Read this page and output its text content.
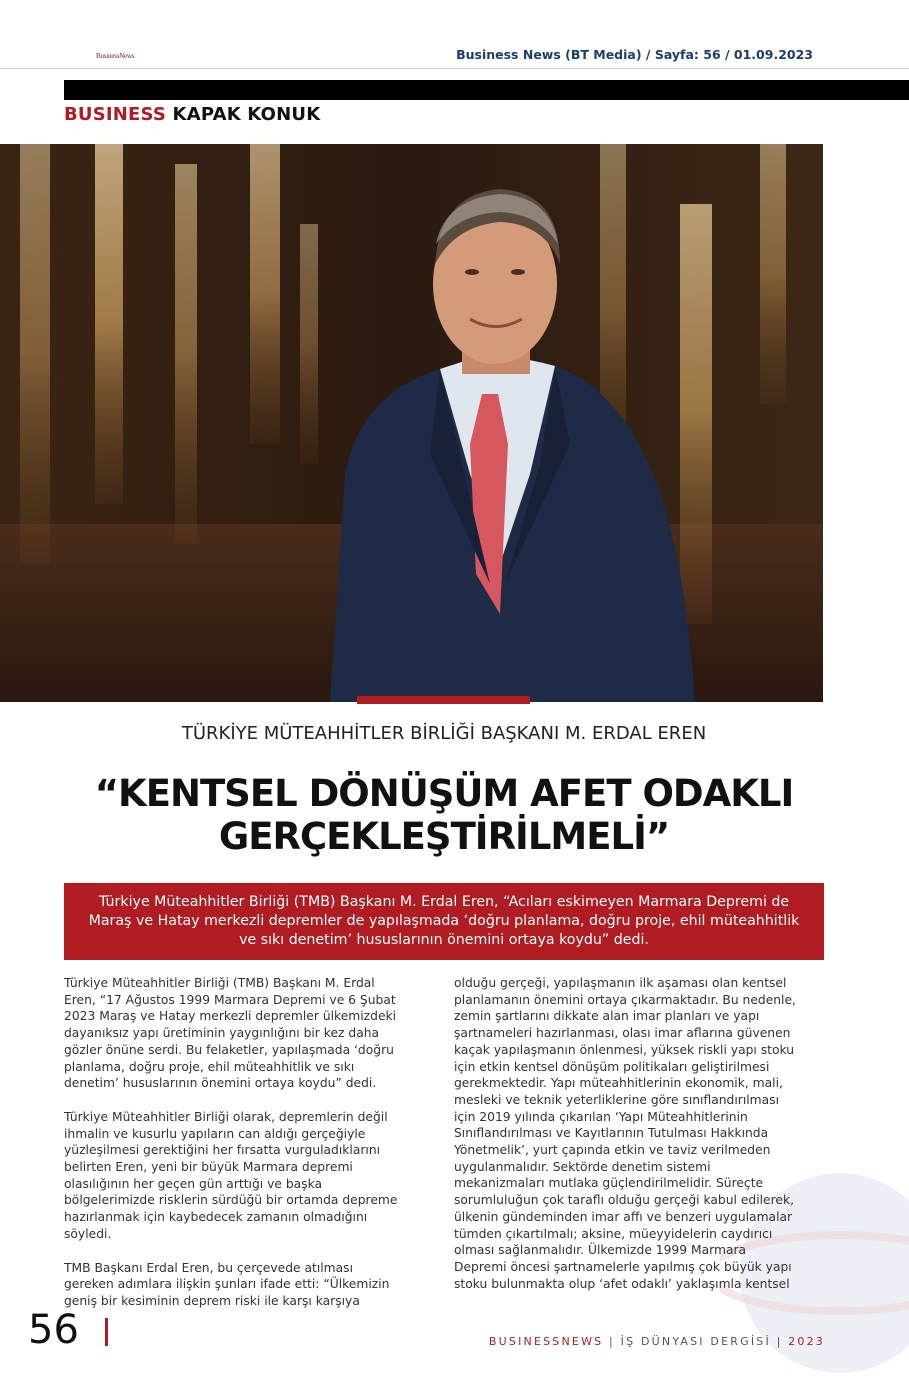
BusinessNews	Business News (BT Media) / Sayfa: 56 / 01.09.2023
BUSINESS KAPAK KONUK
TÜRKİYE MÜTEAHHİTLER BİRLİĞİ BAŞKANI M. ERDAL EREN
“KENTSEL DÖNÜŞÜM AFET ODAKLI
GERÇEKLEŞTİRİLMELİ”
Türkiye Müteahhitler Birliği (TMB) Başkanı M. Erdal Eren, “Acıları eskimeyen Marmara Depremi de Maraş ve Hatay merkezli depremler de yapılaşmada ‘doğru planlama, doğru proje, ehil müteahhitlik ve sıkı denetim’ hususlarının önemini ortaya koydu” dedi.

Türkiye Müteahhitler Birliği (TMB) Başkanı M. Erdal Eren, “17 Ağustos 1999 Marmara Depremi ve 6 Şubat 2023 Maraş ve Hatay merkezli depremler ülkemizdeki dayanıksız yapı üretiminin yaygınlığını bir kez daha gözler önüne serdi. Bu felaketler, yapılaşmada ‘doğru planlama, doğru proje, ehil müteahhitlik ve sıkı denetim’ hususlarının önemini ortaya koydu” dedi.

Türkiye Müteahhitler Birliği olarak, depremlerin değil ihmalin ve kusurlu yapıların can aldığı gerçeğiyle yüzleşilmesi gerektiğini her fırsatta vurguladıklarını belirten Eren, yeni bir büyük Marmara depremi olasılığının her geçen gün arttığı ve başka bölgelerimizde risklerin sürdüğü bir ortamda depreme hazırlanmak için kaybedecek zamanın olmadığını söyledi.

TMB Başkanı Erdal Eren, bu çerçevede atılması gereken adımlara ilişkin şunları ifade etti: “Ülkemizin geniş bir kesiminin deprem riski ile karşı karşıya

olduğu gerçeği, yapılaşmanın ilk aşaması olan kentsel planlamanın önemini ortaya çıkarmaktadır. Bu nedenle, zemin şartlarını dikkate alan imar planları ve yapı şartnameleri hazırlanması, olası imar aflarına güvenen kaçak yapılaşmanın önlenmesi, yüksek riskli yapı stoku için etkin kentsel dönüşüm politikaları geliştirilmesi gerekmektedir. Yapı müteahhitlerinin ekonomik, mali, mesleki ve teknik yeterliklerine göre sınıflandırılması için 2019 yılında çıkarılan ‘Yapı Müteahhitlerinin Sınıflandırılması ve Kayıtlarının Tutulması Hakkında Yönetmelik’, yurt çapında etkin ve taviz verilmeden uygulanmalıdır. Sektörde denetim sistemi mekanizmaları mutlaka güçlendirilmelidir. Süreçte sorumluluğun çok taraflı olduğu gerçeği kabul edilerek, ülkenin gündeminden imar affı ve benzeri uygulamalar tümden çıkartılmalı; aksine, müeyyidelerin caydırıcı olması sağlanmalıdır. Ülkemizde 1999 Marmara Depremi öncesi şartnamelerle yapılmış çok büyük yapı stoku bulunmakta olup ‘afet odaklı’ yaklaşımla kentsel

56	BUSINESSNEWS | İŞ DÜNYASI DERGİSİ | 2023
